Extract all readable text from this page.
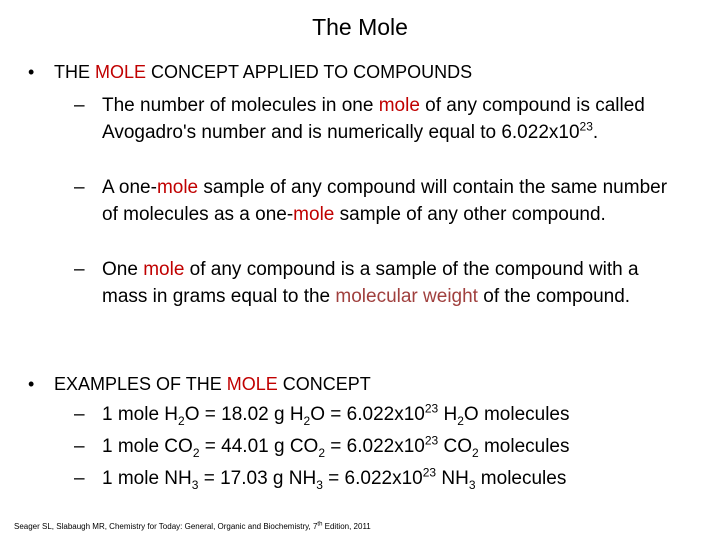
The Mole
• THE MOLE CONCEPT APPLIED TO COMPOUNDS
– The number of molecules in one mole of any compound is called Avogadro's number and is numerically equal to $6.022x10^{23}$.
– A one-mole sample of any compound will contain the same number of molecules as a one-mole sample of any other compound.
– One mole of any compound is a sample of the compound with a mass in grams equal to the molecular weight of the compound.
• EXAMPLES OF THE MOLE CONCEPT
– 1 mole $H_2O = 18.02$ g $H_2O = 6.022x10^{23}$ $H_2O$ molecules
– 1 mole $CO_2 = 44.01$ g $CO_2 = 6.022x10^{23}$ $CO_2$ molecules
– 1 mole $NH_3 = 17.03$ g $NH_3 = 6.022x10^{23}$ $NH_3$ molecules
Seager SL, Slabaugh MR, Chemistry for Today: General, Organic and Biochemistry, 7th Edition, 2011
